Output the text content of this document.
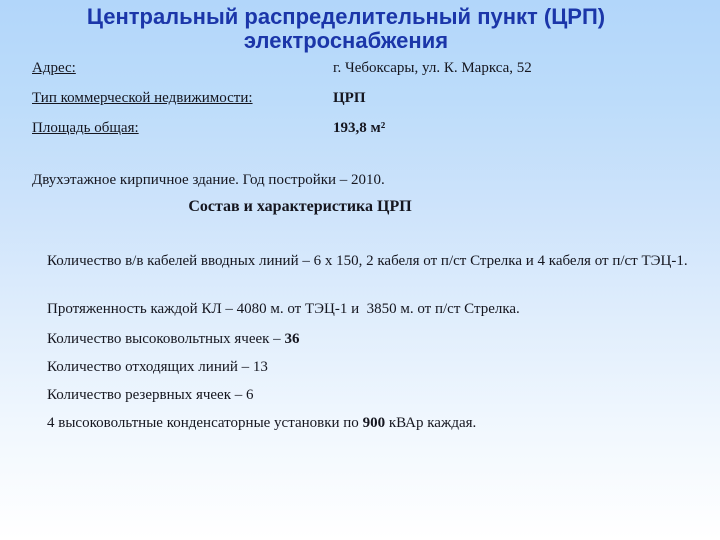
Центральный распределительный пункт (ЦРП)
электроснабжения
Адрес:	г. Чебоксары, ул. К. Маркса, 52
Тип коммерческой недвижимости:	ЦРП
Площадь общая:	193,8 м²
Двухэтажное кирпичное здание. Год постройки – 2010.
Состав и характеристика ЦРП

Количество в/в кабелей вводных линий – 6 х 150, 2 кабеля от п/ст Стрелка и 4 кабеля от п/ст ТЭЦ-1.

Протяженность каждой КЛ – 4080 м. от ТЭЦ-1 и  3850 м. от п/ст Стрелка.

Количество высоковольтных ячеек – 36

Количество отходящих линий – 13

Количество резервных ячеек – 6

4 высоковольтные конденсаторные установки по 900 кВАр каждая.
